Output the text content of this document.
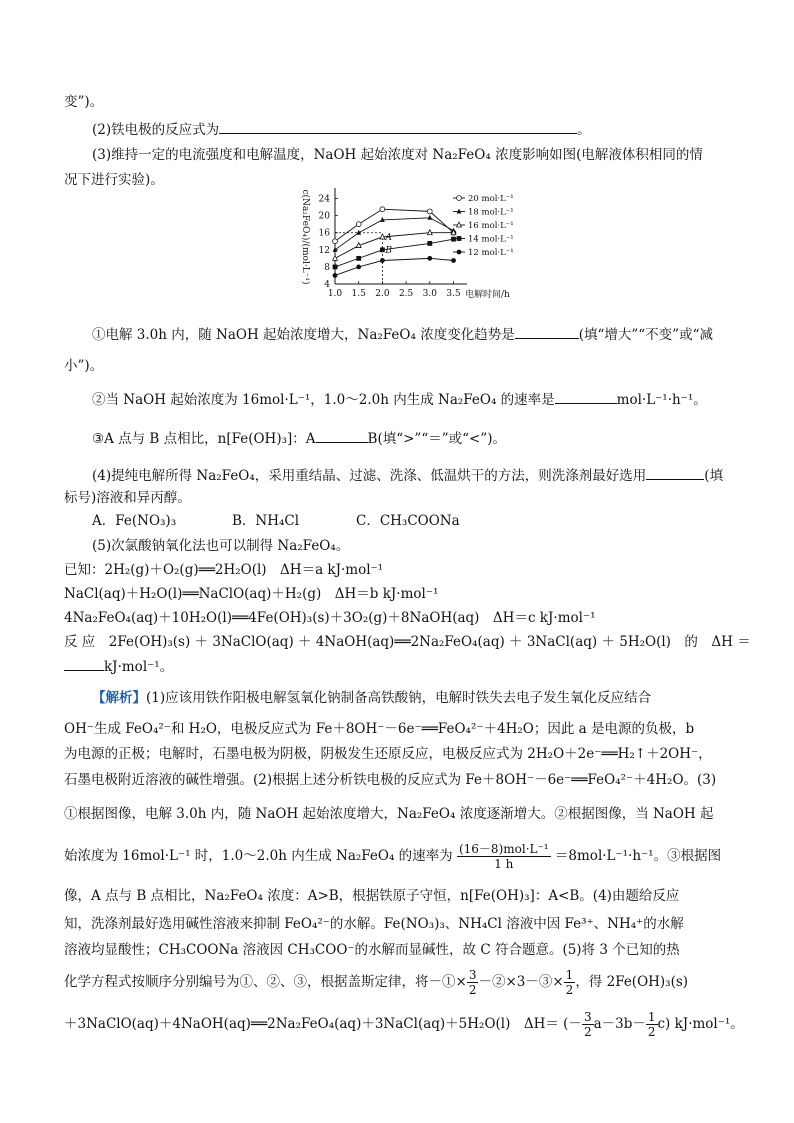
变”)。
(2)铁电极的反应式为	。
(3)维持一定的电流强度和电解温度，NaOH 起始浓度对 Na₂FeO₄ 浓度影响如图(电解液体积相同的情
况下进行实验)。
1.0 1.5 2.0 2.5 3.0 3.5
4
8
12
16
20
24
电解时间/h
c(Na₂FeO₄)/(mol·L⁻¹)	A
B
20 mol·L⁻¹
18 mol·L⁻¹
16 mol·L⁻¹
14 mol·L⁻¹
12 mol·L⁻¹
①电解 3.0h 内，随 NaOH 起始浓度增大，Na₂FeO₄ 浓度变化趋势是	(填“增大”“不变”或“减
小”)。
②当 NaOH 起始浓度为 16mol·L⁻¹，1.0～2.0h 内生成 Na₂FeO₄ 的速率是	mol·L⁻¹·h⁻¹。
③A 点与 B 点相比，n[Fe(OH)₃]：A	B(填“>”“＝”或“<”)。
(4)提纯电解所得 Na₂FeO₄，采用重结晶、过滤、洗涤、低温烘干的方法，则洗涤剂最好选用	(填
标号)溶液和异丙醇。
A．Fe(NO₃)₃	B．NH₄Cl	C．CH₃COONa
(5)次氯酸钠氧化法也可以制得 Na₂FeO₄。
已知：2H₂(g)＋O₂(g)══2H₂O(l)　ΔH＝a kJ·mol⁻¹
NaCl(aq)＋H₂O(l)══NaClO(aq)＋H₂(g)　ΔH＝b kJ·mol⁻¹
4Na₂FeO₄(aq)＋10H₂O(l)══4Fe(OH)₃(s)＋3O₂(g)＋8NaOH(aq)　ΔH＝c kJ·mol⁻¹
反 应　2Fe(OH)₃(s) ＋ 3NaClO(aq) ＋ 4NaOH(aq)══2Na₂FeO₄(aq) ＋ 3NaCl(aq) ＋ 5H₂O(l)　的　ΔH ＝
kJ·mol⁻¹。
【解析】(1)应该用铁作阳极电解氢氧化钠制备高铁酸钠，电解时铁失去电子发生氧化反应结合
OH⁻生成 FeO₄²⁻和 H₂O，电极反应式为 Fe＋8OH⁻－6e⁻══FeO₄²⁻＋4H₂O；因此 a 是电源的负极，b
为电源的正极；电解时，石墨电极为阴极，阴极发生还原反应，电极反应式为 2H₂O＋2e⁻══H₂↑＋2OH⁻，
石墨电极附近溶液的碱性增强。(2)根据上述分析铁电极的反应式为 Fe＋8OH⁻－6e⁻══FeO₄²⁻＋4H₂O。(3)
①根据图像，电解 3.0h 内，随 NaOH 起始浓度增大，Na₂FeO₄ 浓度逐渐增大。②根据图像，当 NaOH 起
始浓度为 16mol·L⁻¹ 时，1.0～2.0h 内生成 Na₂FeO₄ 的速率为 $\frac{\text{(16－8)mol·L⁻¹}}{1 h} =8mol\cdot L^{-1}\cdot h^{-1}$。③根据图
像，A 点与 B 点相比，Na₂FeO₄ 浓度：A>B，根据铁原子守恒，n[Fe(OH)₃]：A<B。(4)由题给反应
知，洗涤剂最好选用碱性溶液来抑制 FeO₄²⁻的水解。Fe(NO₃)₃、NH₄Cl 溶液中因 Fe³⁺、NH₄⁺的水解
溶液均显酸性；CH₃COONa 溶液因 CH₃COO⁻的水解而显碱性，故 C 符合题意。(5)将 3 个已知的热
化学方程式按顺序分别编号为①、②、③，根据盖斯定律，将－①× $\frac{3}{2}$ －②×3－③× $\frac{1}{2}$ ，得 2Fe(OH)₃(s)
＋3NaClO(aq)＋4NaOH(aq)══2Na₂FeO₄(aq)＋3NaCl(aq)＋5H₂O(l)　ΔH＝ (－ $\frac{3}{2} a-3b- \frac{1}{2} c$) kJ·mol⁻¹。
